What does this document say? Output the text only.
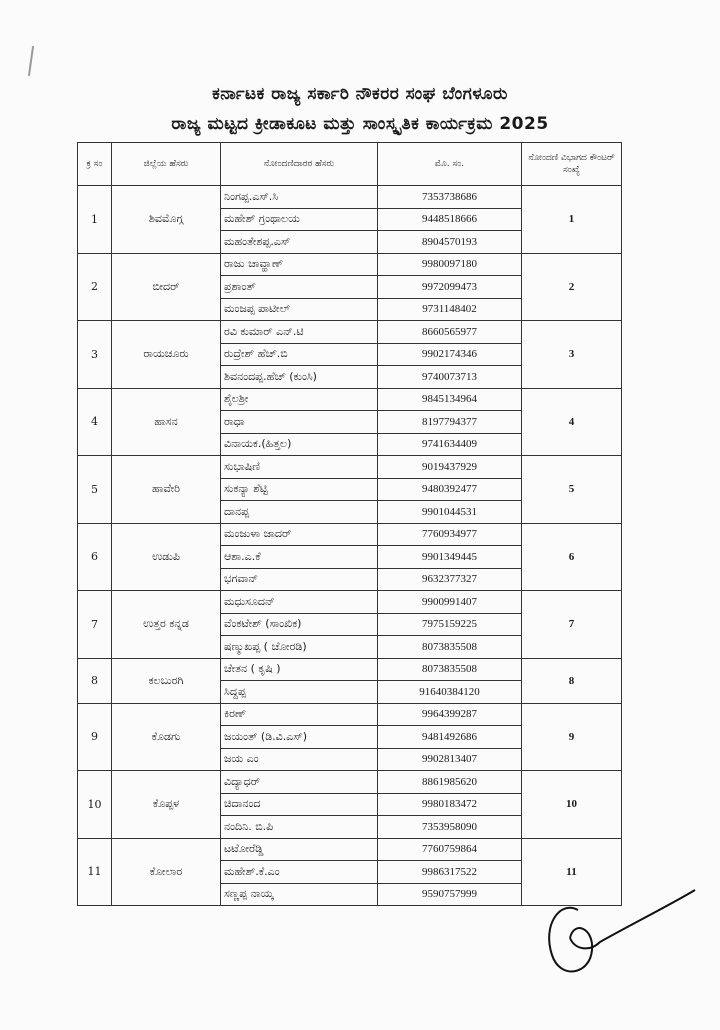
ಕರ್ನಾಟಕ ರಾಜ್ಯ ಸರ್ಕಾರಿ ನೌಕರರ ಸಂಘ ಬೆಂಗಳೂರು
ರಾಜ್ಯ ಮಟ್ಟದ ಕ್ರೀಡಾಕೂಟ ಮತ್ತು ಸಾಂಸ್ಕೃತಿಕ ಕಾರ್ಯಕ್ರಮ 2025
ಕ್ರ ಸಂ	ಜಿಲ್ಲೆಯ ಹೆಸರು	ನೋಂದಣಿದಾರರ ಹೆಸರು	ಮೊ. ಸಂ.	ನೋಂದಣಿ ವಿಭಾಗದ ಕೌಂಟರ್ ಸಂಖ್ಯೆ
1	ಶಿವಮೊಗ್ಗ	ನಿಂಗಪ್ಪ.ಎಸ್.ಸಿ	7353738686	1
		ಮಹೇಶ್ ಗ್ರಂಥಾಲಯ	9448518666	
		ಮಹಂತೇಶಪ್ಪ.ಎಸ್	8904570193	
2	ಬೀದರ್	ರಾಜು ಚಾವ್ಹಾಣ್	9980097180	2
		ಪ್ರಶಾಂತ್	9972099473	
		ಮಂಜಪ್ಪ ಪಾಟೀಲ್	9731148402	
3	ರಾಯಚೂರು	ರವಿ ಕುಮಾರ್ ಎನ್.ಟಿ	8660565977	3
		ರುದ್ರೇಶ್ ಹೆಚ್.ಬಿ	9902174346	
		ಶಿವನಂದಪ್ಪ.ಹೆಚ್ (ಕುಂಸಿ)	9740073713	
4	ಹಾಸನ	ಶೈಲಶ್ರೀ	9845134964	4
		ರಾಧಾ	8197794377	
		ವಿನಾಯಕ.(ಹಿತ್ತಲ)	9741634409	
5	ಹಾವೇರಿ	ಸುಭಾಷಿಣಿ	9019437929	5
		ಸುಕನ್ಯಾ ಶೆಟ್ಟಿ	9480392477	
		ದಾನಪ್ಪ	9901044531	
6	ಉಡುಪಿ	ಮಂಜುಳಾ ಜಾದರ್	7760934977	6
		ಆಶಾ.ಎ.ಕೆ	9901349445	
		ಭಗವಾನ್	9632377327	
7	ಉತ್ತರ ಕನ್ನಡ	ಮಧುಸೂದನ್	9900991407	7
		ವೆಂಕಟೇಶ್ (ಸಾಂಖಿಕ)	7975159225	
		ಷಣ್ಮುಖಪ್ಪ ( ಚೋರಡಿ)	8073835508	
8	ಕಲಬುರಗಿ	ಚೇತನ ( ಕೃಷಿ )	8073835508	8
		ಸಿದ್ದಪ್ಪ	91640384120	
9	ಕೊಡಗು	ಕಿರಣ್	9964399287	9
		ಜಯಂತ್ (ಡಿ.ವಿ.ಎಸ್)	9481492686	
		ಜಯ ಎಂ	9902813407	
10	ಕೊಪ್ಪಳ	ವಿದ್ಯಾಧರ್	8861985620	10
		ಚಿದಾನಂದ	9980183472	
		ನಂದಿನಿ. ಬಿ.ಪಿ	7353958090	
11	ಕೋಲಾರ	ಟಟೋರೆಡ್ಡಿ	7760759864	11
		ಮಹೇಶ್.ಕೆ.ಎಂ	9986317522	
		ಸಣ್ಣಪ್ಪ ನಾಯ್ಕ	9590757999	
